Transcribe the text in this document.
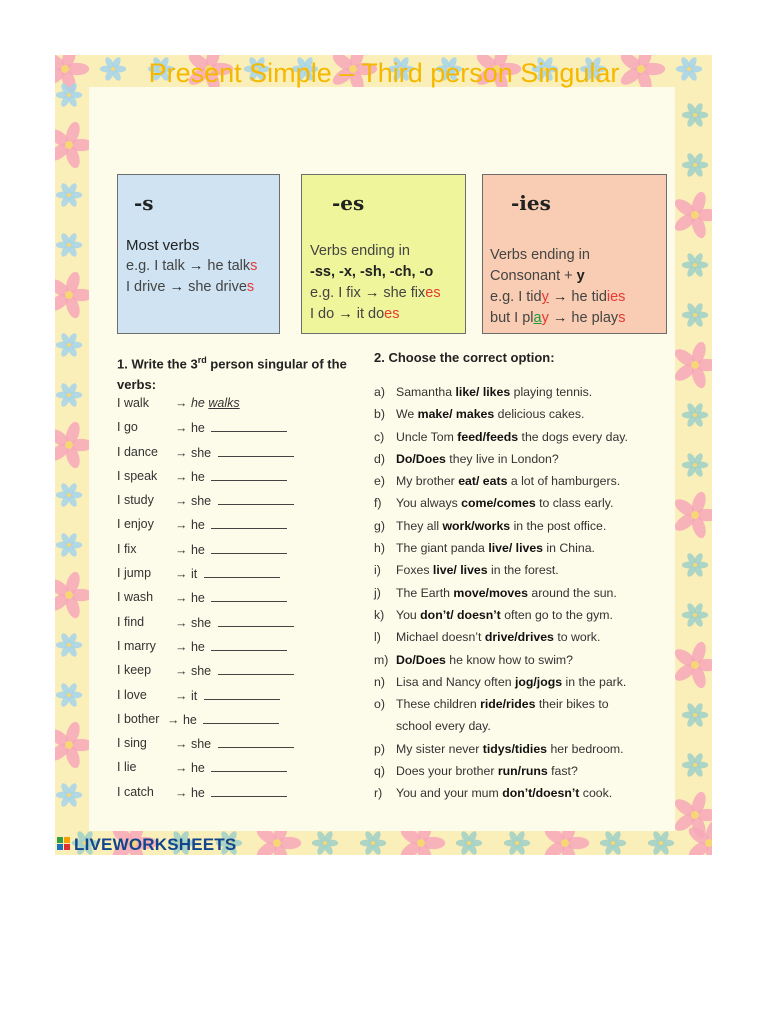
Present Simple – Third person Singular
-s
Most verbs
e.g. I talk → he talks
I drive → she drives
-es
Verbs ending in
-ss, -x, -sh, -ch, -o
e.g. I fix → she fixes
I do → it does
-ies
Verbs ending in
Consonant + y
e.g. I tidy → he tidies
but I play → he plays
1. Write the 3rd person singular of the verbs:
2. Choose the correct option:
I walk	→ he walks
I go	→ he
I dance	→ she
I speak	→ he
I study	→ she
I enjoy	→ he
I fix	→ he
I jump	→ it
I wash	→ he
I find	→ she
I marry	→ he
I keep	→ she
I love	→ it
I bother → he
I sing	→ she
I lie	→ he
I catch	→ he
a) Samantha like/ likes playing tennis.
b) We make/ makes delicious cakes.
c) Uncle Tom feed/feeds the dogs every day.
d) Do/Does they live in London?
e) My brother eat/ eats a lot of hamburgers.
f) You always come/comes to class early.
g) They all work/works in the post office.
h) The giant panda live/ lives in China.
i) Foxes live/ lives in the forest.
j) The Earth move/moves around the sun.
k) You don’t/ doesn’t often go to the gym.
l) Michael doesn’t drive/drives to work.
m) Do/Does he know how to swim?
n) Lisa and Nancy often jog/jogs in the park.
o) These children ride/rides their bikes to
school every day.
p) My sister never tidys/tidies her bedroom.
q) Does your brother run/runs fast?
r) You and your mum don’t/doesn’t cook.
LIVEWORKSHEETS
